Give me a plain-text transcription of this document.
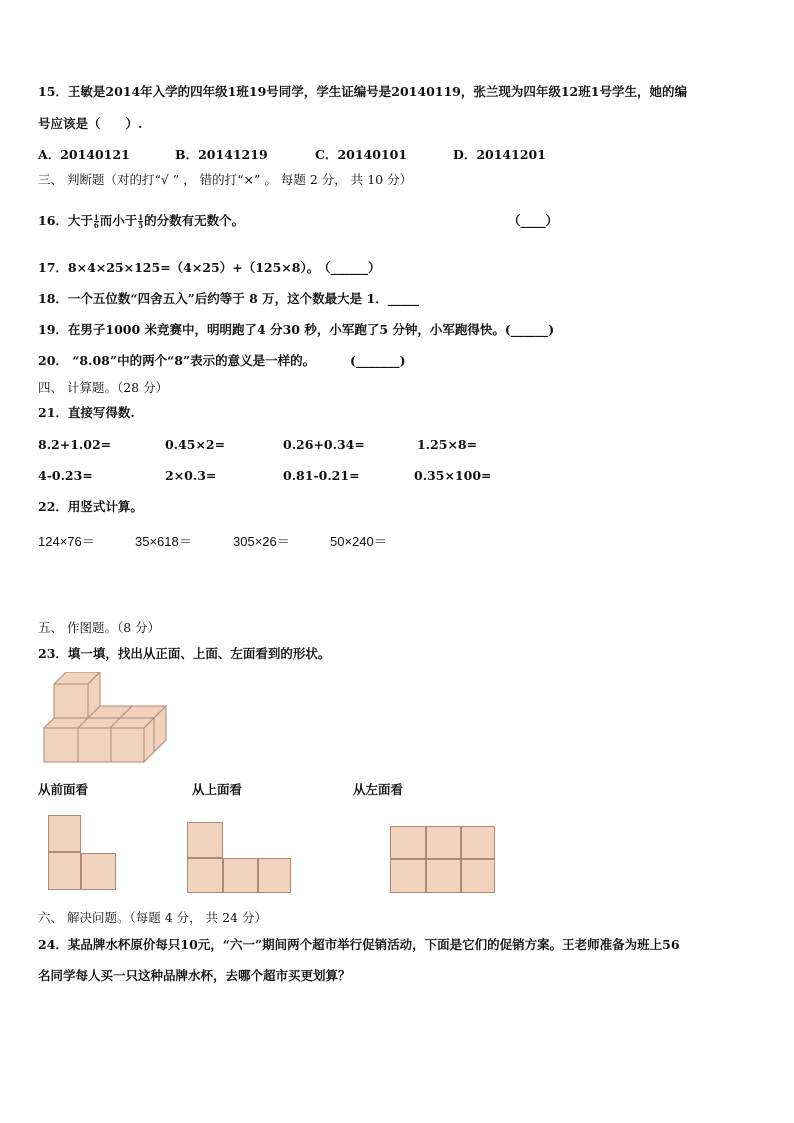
15．王敏是2014年入学的四年级1班19号同学，学生证编号是20140119，张兰现为四年级12班1号学生，她的编
号应该是（　　）.
A．20140121	B．20141219	C．20140101	D．20141201
三、 判断题（对的打“√ ” ， 错的打“×” 。 每题 2 分， 共 10 分）
16．大于 $\frac{1}{6}$ 而小于 $\frac{1}{5}$ 的分数有无数个。	（____）
17．8×4×25×125=（4×25）+（125×8）。
（______）
18．一个五位数“四舍五入”后约等于 8 万，这个数最大是 1．_____
19．在男子1000 米竞赛中，明明跑了4 分30 秒，小军跑了5 分钟，小军跑得快。(______)
20． “8.08”中的两个“8”表示的意义是一样的。	(_______)
四、 计算题。（28 分）
21．直接写得数.
8.2+1.02=	0.45×2=	0.26+0.34=	1.25×8=
4-0.23=	2×0.3=	0.81-0.21=	0.35×100=
22．用竖式计算。
124×76＝	35×618＝	305×26＝	50×240＝
五、 作图题。（8 分）
23．填一填，找出从正面、上面、左面看到的形状。
从前面看	从上面看	从左面看
六、 解决问题。（每题 4 分， 共 24 分）
24．某品牌水杯原价每只10元，“六一”期间两个超市举行促销活动，下面是它们的促销方案。王老师准备为班上56
名同学每人买一只这种品牌水杯，去哪个超市买更划算？
